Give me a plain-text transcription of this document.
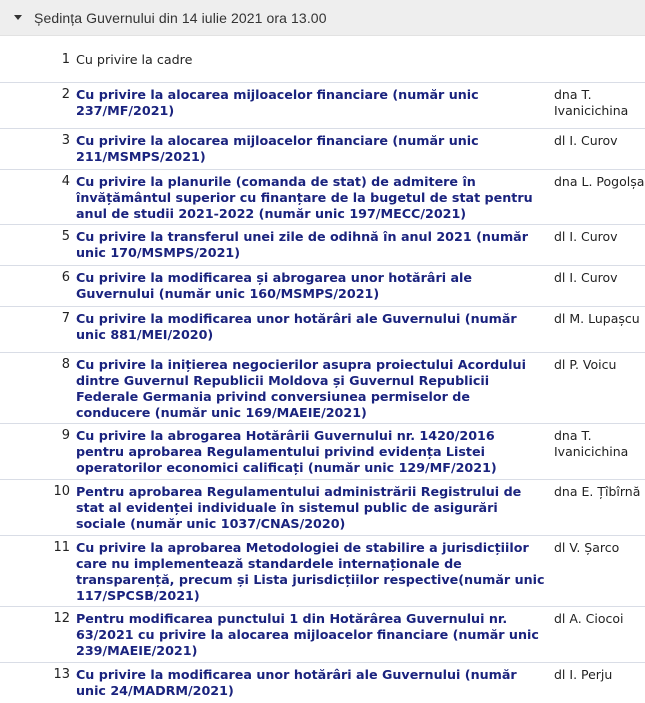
Ședința Guvernului din 14 iulie 2021 ora 13.00
1 Cu privire la cadre
2 Cu privire la alocarea mijloacelor financiare (număr unic 237/MF/2021)
dna T. Ivanicichina
3 Cu privire la alocarea mijloacelor financiare (număr unic 211/MSMPS/2021)
dl I. Curov
4 Cu privire la planurile (comanda de stat) de admitere în învățământul superior cu finanțare de la bugetul de stat pentru anul de studii 2021-2022 (număr unic 197/MECC/2021)
dna L. Pogolșa
5 Cu privire la transferul unei zile de odihnă în anul 2021 (număr unic 170/MSMPS/2021)
dl I. Curov
6 Cu privire la modificarea și abrogarea unor hotărâri ale Guvernului (număr unic 160/MSMPS/2021)
dl I. Curov
7 Cu privire la modificarea unor hotărâri ale Guvernului (număr unic 881/MEI/2020)
dl M. Lupașcu
8 Cu privire la inițierea negocierilor asupra proiectului Acordului dintre Guvernul Republicii Moldova și Guvernul Republicii Federale Germania privind conversiunea permiselor de conducere (număr unic 169/MAEIE/2021)
dl P. Voicu
9 Cu privire la abrogarea Hotărârii Guvernului nr. 1420/2016 pentru aprobarea Regulamentului privind evidența Listei operatorilor economici calificați (număr unic 129/MF/2021)
dna T. Ivanicichina
10 Pentru aprobarea Regulamentului administrării Registrului de stat al evidenței individuale în sistemul public de asigurări sociale (număr unic 1037/CNAS/2020)
dna E. Țîbîrnă
11 Cu privire la aprobarea Metodologiei de stabilire a jurisdicțiilor care nu implementează standardele internaționale de transparență, precum și Lista jurisdicțiilor respective(număr unic 117/SPCSB/2021)
dl V. Șarco
12 Pentru modificarea punctului 1 din Hotărârea Guvernului nr. 63/2021 cu privire la alocarea mijloacelor financiare (număr unic 239/MAEIE/2021)
dl A. Ciocoi
13 Cu privire la modificarea unor hotărâri ale Guvernului (număr unic 24/MADRM/2021)
dl I. Perju
